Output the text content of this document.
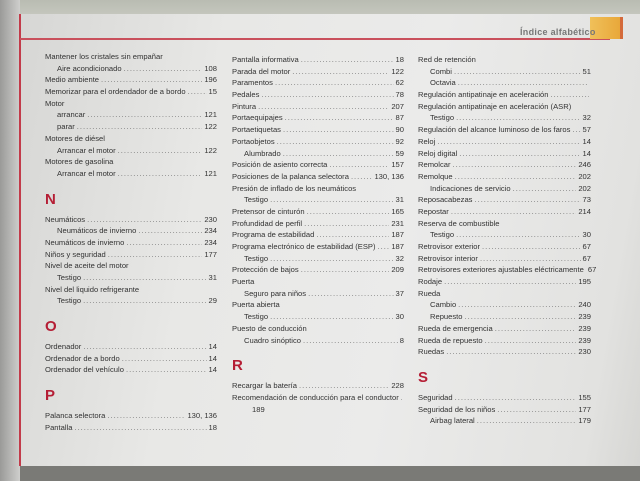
Índice alfabético
Mantener los cristales sin empañar
Aire acondicionado .....	108
Medio ambiente .....	196
Memorizar para el ordendador de a bordo .....	15
Motor
arrancar .....	121
parar .....	122
Motores de diésel
Arrancar el motor .....	122
Motores de gasolina
Arrancar el motor .....	121
N
Neumáticos .....	230
Neumáticos de invierno .....	234
Neumáticos de invierno .....	234
Niños y seguridad .....	177
Nivel de aceite del motor
Testigo .....	31
Nivel del liquido refrigerante
Testigo .....	29
O
Ordenador .....	14
Ordenador de a bordo .....	14
Ordenador del vehículo .....	14
P
Palanca selectora .....	130, 136
Pantalla .....	18
Pantalla informativa .....	18
Parada del motor .....	122
Paramentos .....	62
Pedales .....	78
Pintura .....	207
Portaequipajes .....	87
Portaetiquetas .....	90
Portaobjetos .....	92
Alumbrado .....	59
Posición de asiento correcta .....	157
Posiciones de la palanca selectora .....	130, 136
Presión de inflado de los neumáticos
Testigo .....	31
Pretensor de cinturón .....	165
Profundidad de perfil .....	231
Programa de estabilidad .....	187
Programa electrónico de estabilidad (ESP) ..... 187
Testigo .....	32
Protección de bajos .....	209
Puerta
Seguro para niños .....	37
Puerta abierta
Testigo .....	30
Puesto de conducción
Cuadro sinóptico .....	8
R
Recargar la batería .....	228
Recomendación de conducción para el conductor
.....
189
Red de retención
Combi .....	51
Octavia
.....
Regulación antipatinaje en aceleración
.....
Regulación antipatinaje en aceleración (ASR)
Testigo .....	32
Regulación del alcance luminoso de los faros ..... 57
Reloj .....	14
Reloj digital .....	14
Remolcar .....	246
Remolque .....	202
Indicaciones de servicio .....	202
Reposacabezas .....	73
Repostar .....	214
Reserva de combustible
Testigo .....	30
Retrovisor exterior .....	67
Retrovisor interior .....	67
Retrovisores exteriores ajustables eléctricamente 67
Rodaje .....	195
Rueda
Cambio .....	240
Repuesto .....	239
Rueda de emergencia .....	239
Rueda de repuesto .....	239
Ruedas .....	230
S
Seguridad .....	155
Seguridad de los niños .....	177
Airbag lateral .....	179
